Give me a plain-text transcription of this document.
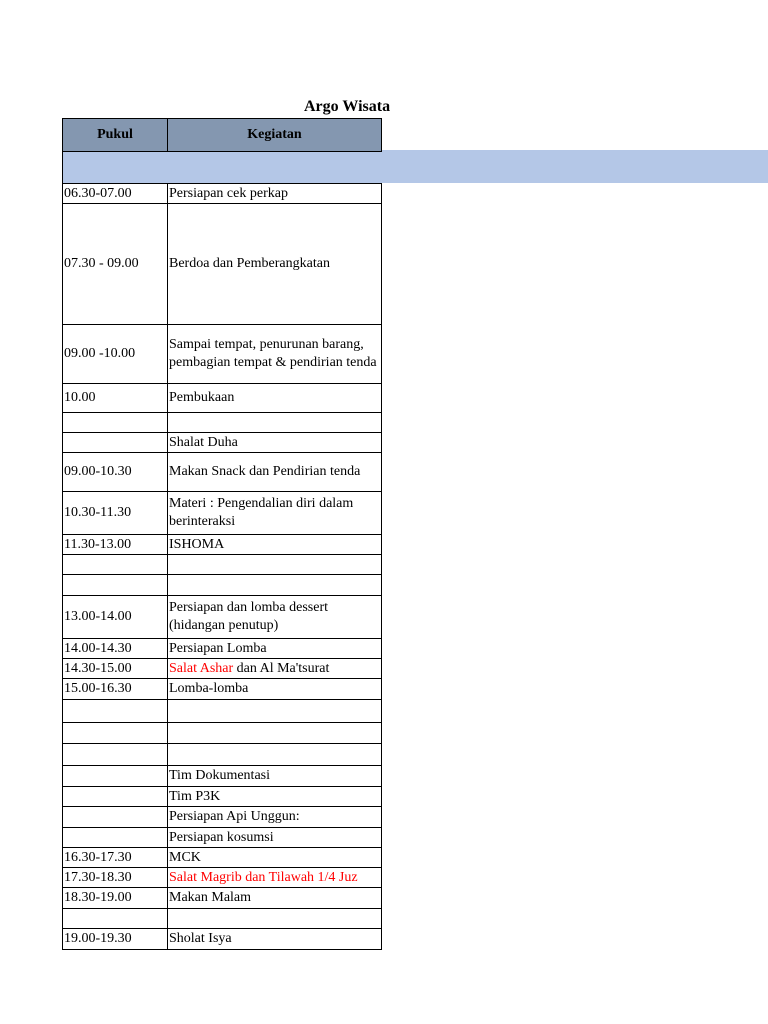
Argo Wisata
Pukul	Kegiatan

06.30-07.00	Persiapan cek perkap
07.30 - 09.00	Berdoa dan Pemberangkatan
09.00 -10.00	Sampai tempat, penurunan barang, pembagian tempat & pendirian tenda
10.00	Pembukaan

	Shalat Duha
09.00-10.30	Makan Snack dan Pendirian tenda
10.30-11.30	Materi : Pengendalian diri dalam berinteraksi
11.30-13.00	ISHOMA

13.00-14.00	Persiapan dan lomba dessert (hidangan penutup)
14.00-14.30	Persiapan Lomba
14.30-15.00	Salat Ashar dan Al Ma'tsurat
15.00-16.30	Lomba-lomba

	Tim Dokumentasi
	Tim P3K
	Persiapan Api Unggun:
	Persiapan kosumsi
16.30-17.30	MCK
17.30-18.30	Salat Magrib dan Tilawah 1/4 Juz
18.30-19.00	Makan Malam

19.00-19.30	Sholat Isya
